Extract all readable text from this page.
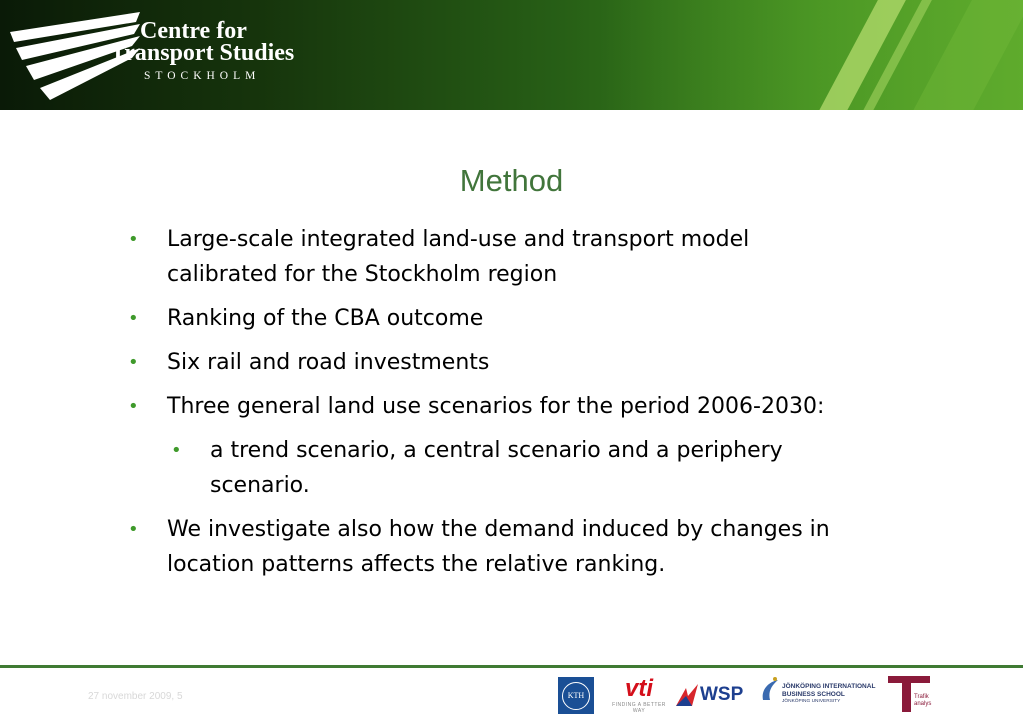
Centre for
Transport Studies
STOCKHOLM
Method
• Large-scale integrated land-use and transport model calibrated for the Stockholm region
• Ranking of the CBA outcome
• Six rail and road investments
• Three general land use scenarios for the period 2006-2030:
• a trend scenario, a central scenario and a periphery scenario.
• We investigate also how the demand induced by changes in location patterns affects the relative ranking.
27 november 2009, 5	KTH	vti
FINDING A BETTER WAY
WSP	JÖNKÖPING INTERNATIONAL
BUSINESS SCHOOL
JÖNKÖPING UNIVERSITY
Trafik
analys
